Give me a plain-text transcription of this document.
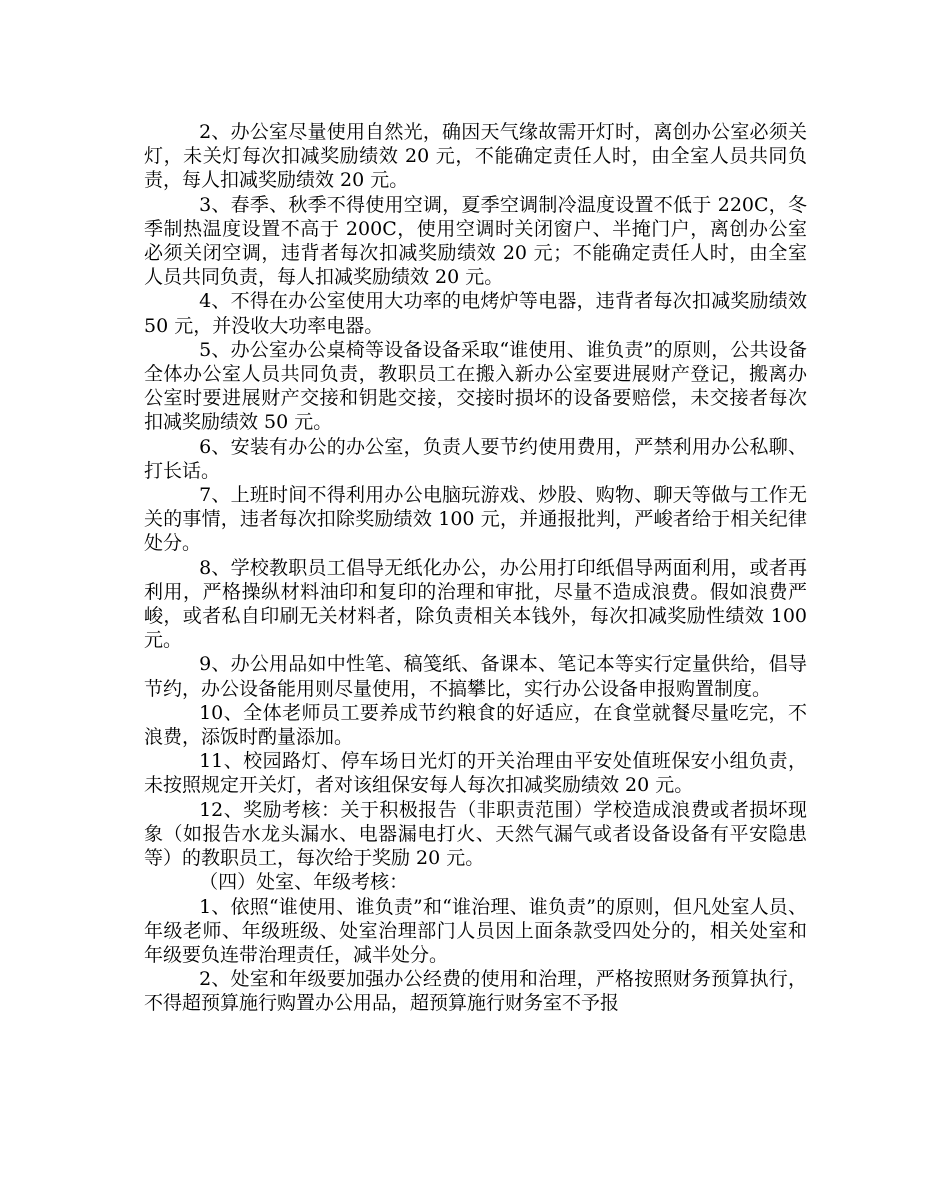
2、办公室尽量使用自然光，确因天气缘故需开灯时，离创办公室必须关灯，未关灯每次扣减奖励绩效 20 元，不能确定责任人时，由全室人员共同负责，每人扣减奖励绩效 20 元。

3、春季、秋季不得使用空调，夏季空调制冷温度设置不低于 220C，冬季制热温度设置不高于 200C，使用空调时关闭窗户、半掩门户，离创办公室必须关闭空调，违背者每次扣减奖励绩效 20 元；不能确定责任人时，由全室人员共同负责，每人扣减奖励绩效 20 元。

4、不得在办公室使用大功率的电烤炉等电器，违背者每次扣减奖励绩效 50 元，并没收大功率电器。

5、办公室办公桌椅等设备设备采取“谁使用、谁负责”的原则，公共设备全体办公室人员共同负责，教职员工在搬入新办公室要进展财产登记，搬离办公室时要进展财产交接和钥匙交接，交接时损坏的设备要赔偿，未交接者每次扣减奖励绩效 50 元。

6、安装有办公的办公室，负责人要节约使用费用，严禁利用办公私聊、打长话。

7、上班时间不得利用办公电脑玩游戏、炒股、购物、聊天等做与工作无关的事情，违者每次扣除奖励绩效 100 元，并通报批判，严峻者给于相关纪律处分。

8、学校教职员工倡导无纸化办公，办公用打印纸倡导两面利用，或者再利用，严格操纵材料油印和复印的治理和审批，尽量不造成浪费。假如浪费严峻，或者私自印刷无关材料者，除负责相关本钱外，每次扣减奖励性绩效 100 元。

9、办公用品如中性笔、稿笺纸、备课本、笔记本等实行定量供给，倡导节约，办公设备能用则尽量使用，不搞攀比，实行办公设备申报购置制度。

10、全体老师员工要养成节约粮食的好适应，在食堂就餐尽量吃完，不浪费，添饭时酌量添加。

11、校园路灯、停车场日光灯的开关治理由平安处值班保安小组负责，未按照规定开关灯，者对该组保安每人每次扣减奖励绩效 20 元。

12、奖励考核：关于积极报告（非职责范围）学校造成浪费或者损坏现象（如报告水龙头漏水、电器漏电打火、天然气漏气或者设备设备有平安隐患等）的教职员工，每次给于奖励 20 元。

（四）处室、年级考核：

1、依照“谁使用、谁负责”和“谁治理、谁负责”的原则，但凡处室人员、年级老师、年级班级、处室治理部门人员因上面条款受四处分的，相关处室和年级要负连带治理责任，减半处分。

2、处室和年级要加强办公经费的使用和治理，严格按照财务预算执行，不得超预算施行购置办公用品，超预算施行财务室不予报
